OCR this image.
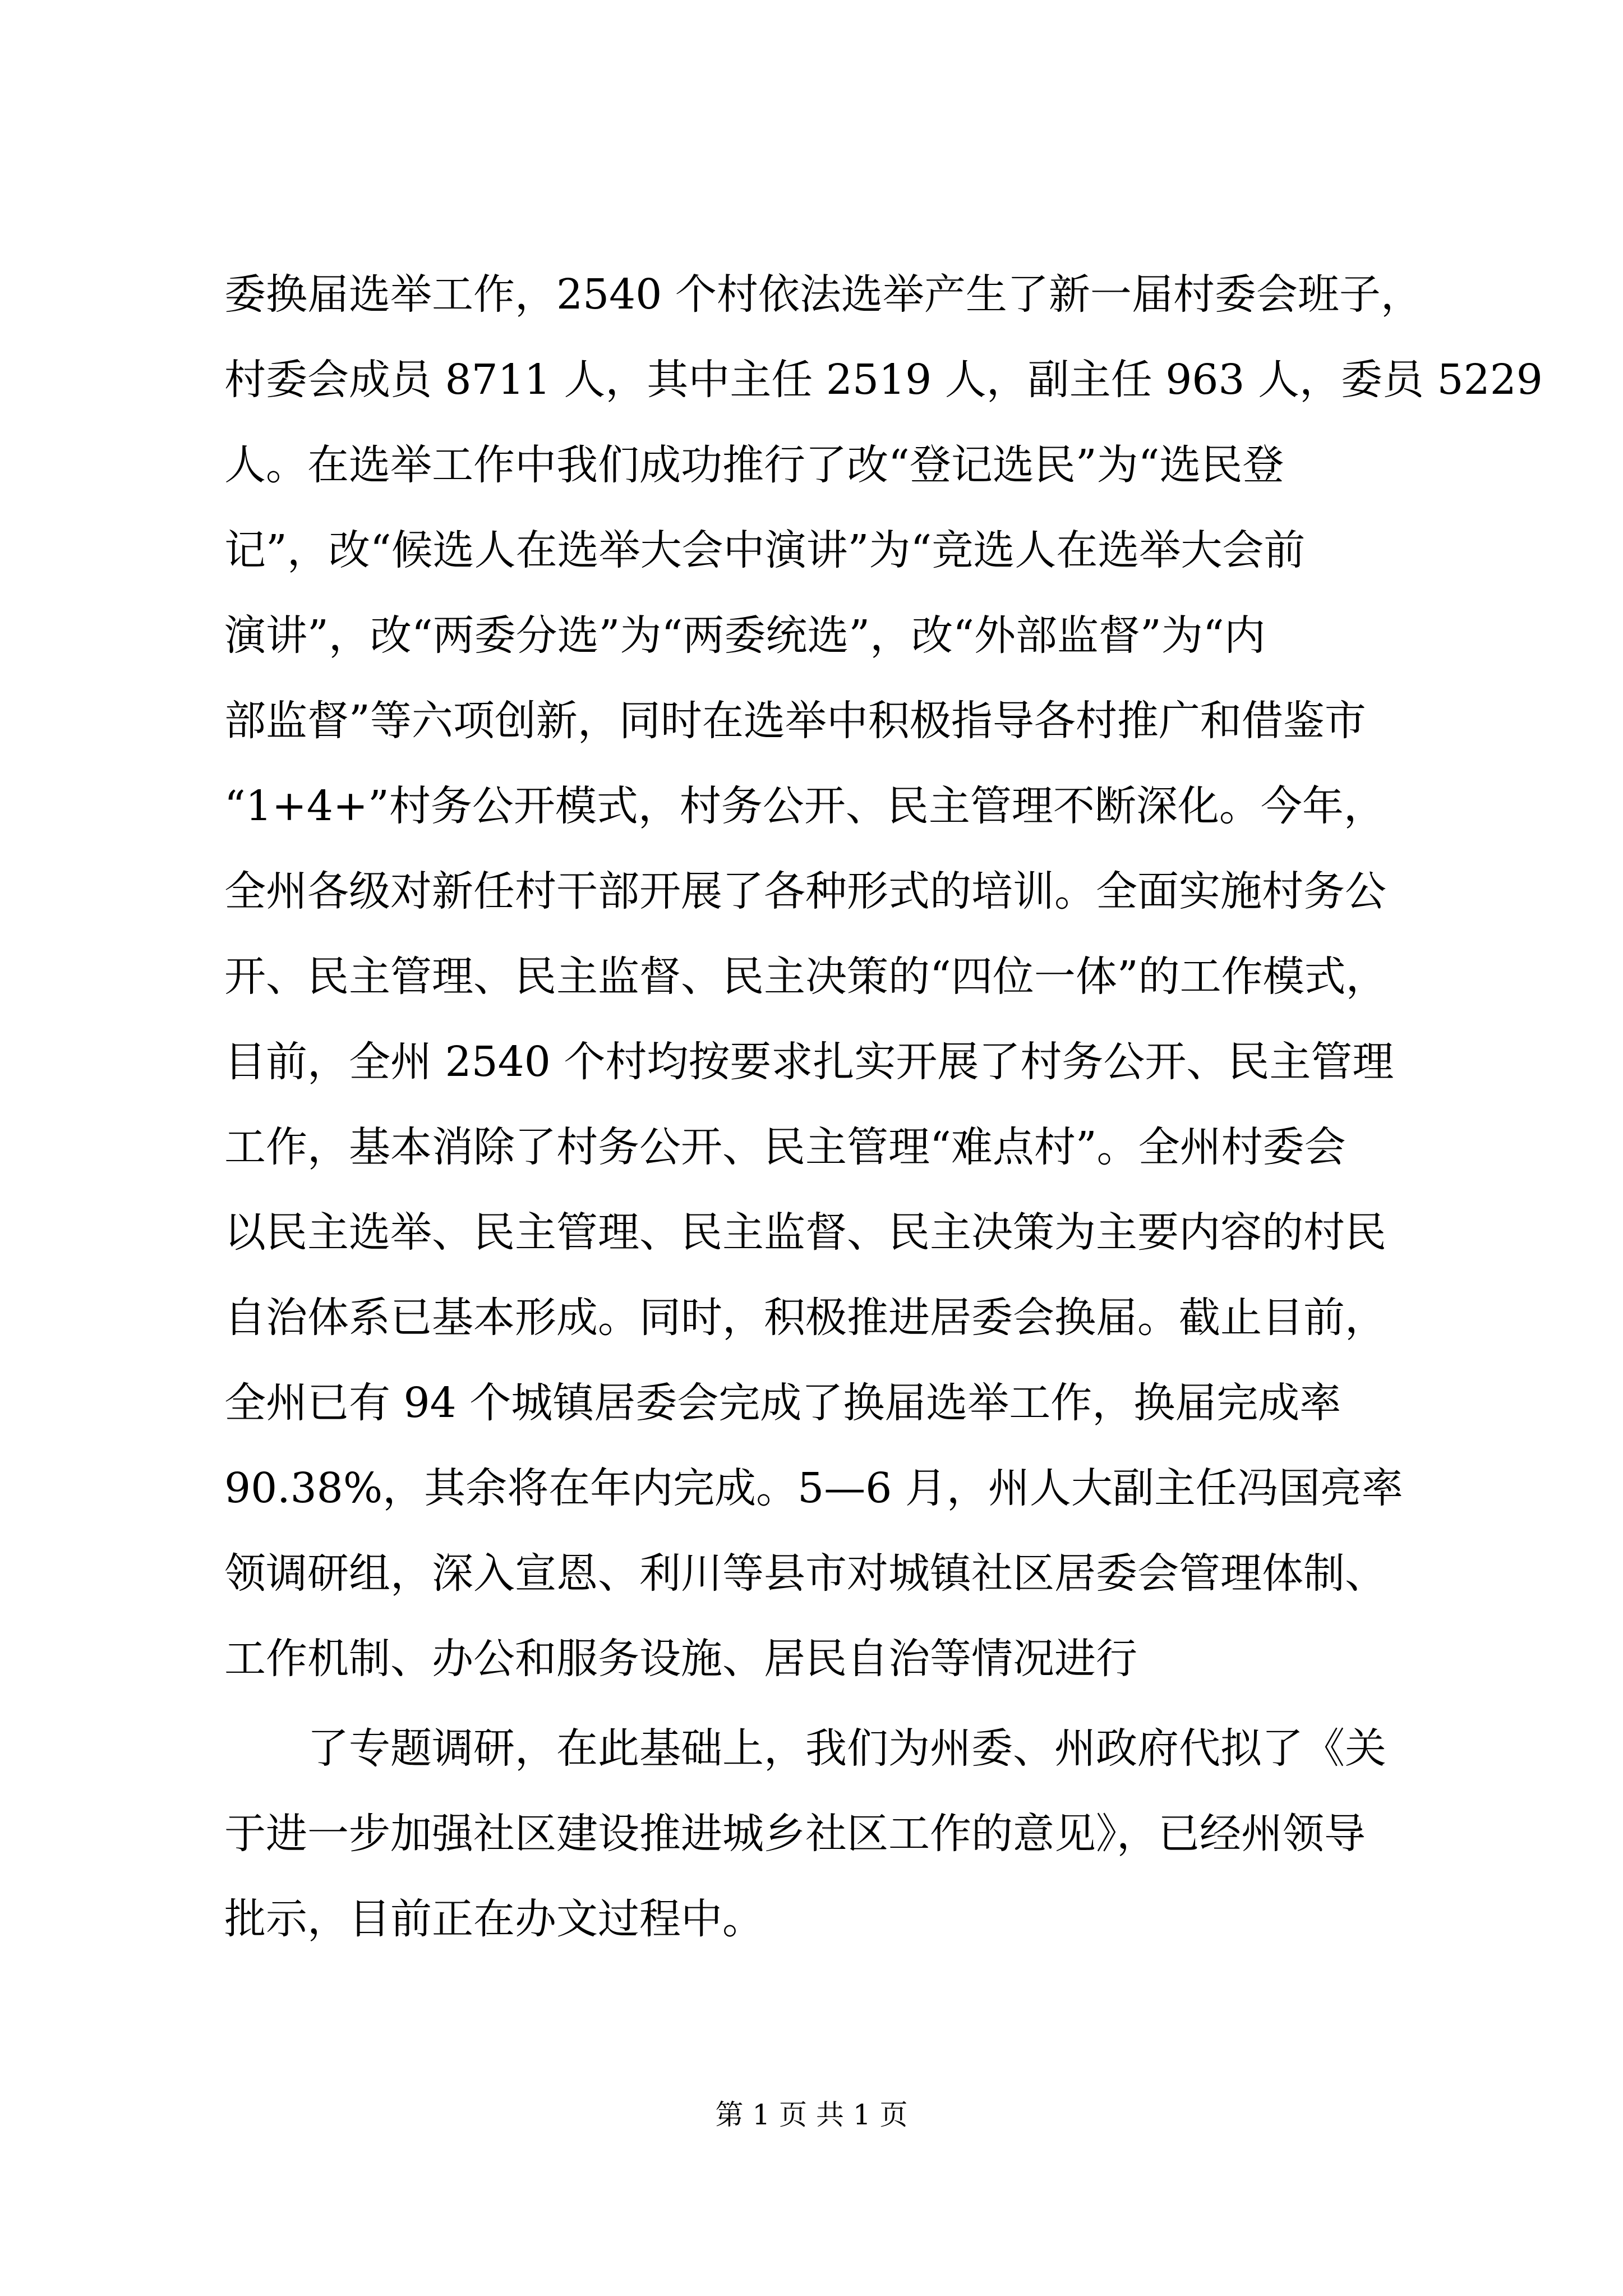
委换届选举工作，2540 个村依法选举产生了新一届村委会班子，
村委会成员 8711 人，其中主任 2519 人，副主任 963 人，委员 5229
人。在选举工作中我们成功推行了改“登记选民”为“选民登
记”，改“候选人在选举大会中演讲”为“竞选人在选举大会前
演讲”，改“两委分选”为“两委统选”，改“外部监督”为“内
部监督”等六项创新，同时在选举中积极指导各村推广和借鉴市
“1+4+”村务公开模式，村务公开、民主管理不断深化。今年，
全州各级对新任村干部开展了各种形式的培训。全面实施村务公
开、民主管理、民主监督、民主决策的“四位一体”的工作模式，
目前，全州 2540 个村均按要求扎实开展了村务公开、民主管理
工作，基本消除了村务公开、民主管理“难点村”。全州村委会
以民主选举、民主管理、民主监督、民主决策为主要内容的村民
自治体系已基本形成。同时，积极推进居委会换届。截止目前，
全州已有 94 个城镇居委会完成了换届选举工作，换届完成率
90.38%，其余将在年内完成。5—6 月，州人大副主任冯国亮率
领调研组，深入宣恩、利川等县市对城镇社区居委会管理体制、
工作机制、办公和服务设施、居民自治等情况进行
了专题调研，在此基础上，我们为州委、州政府代拟了《关
于进一步加强社区建设推进城乡社区工作的意见》，已经州领导
批示，目前正在办文过程中。
第 1 页 共 1 页
